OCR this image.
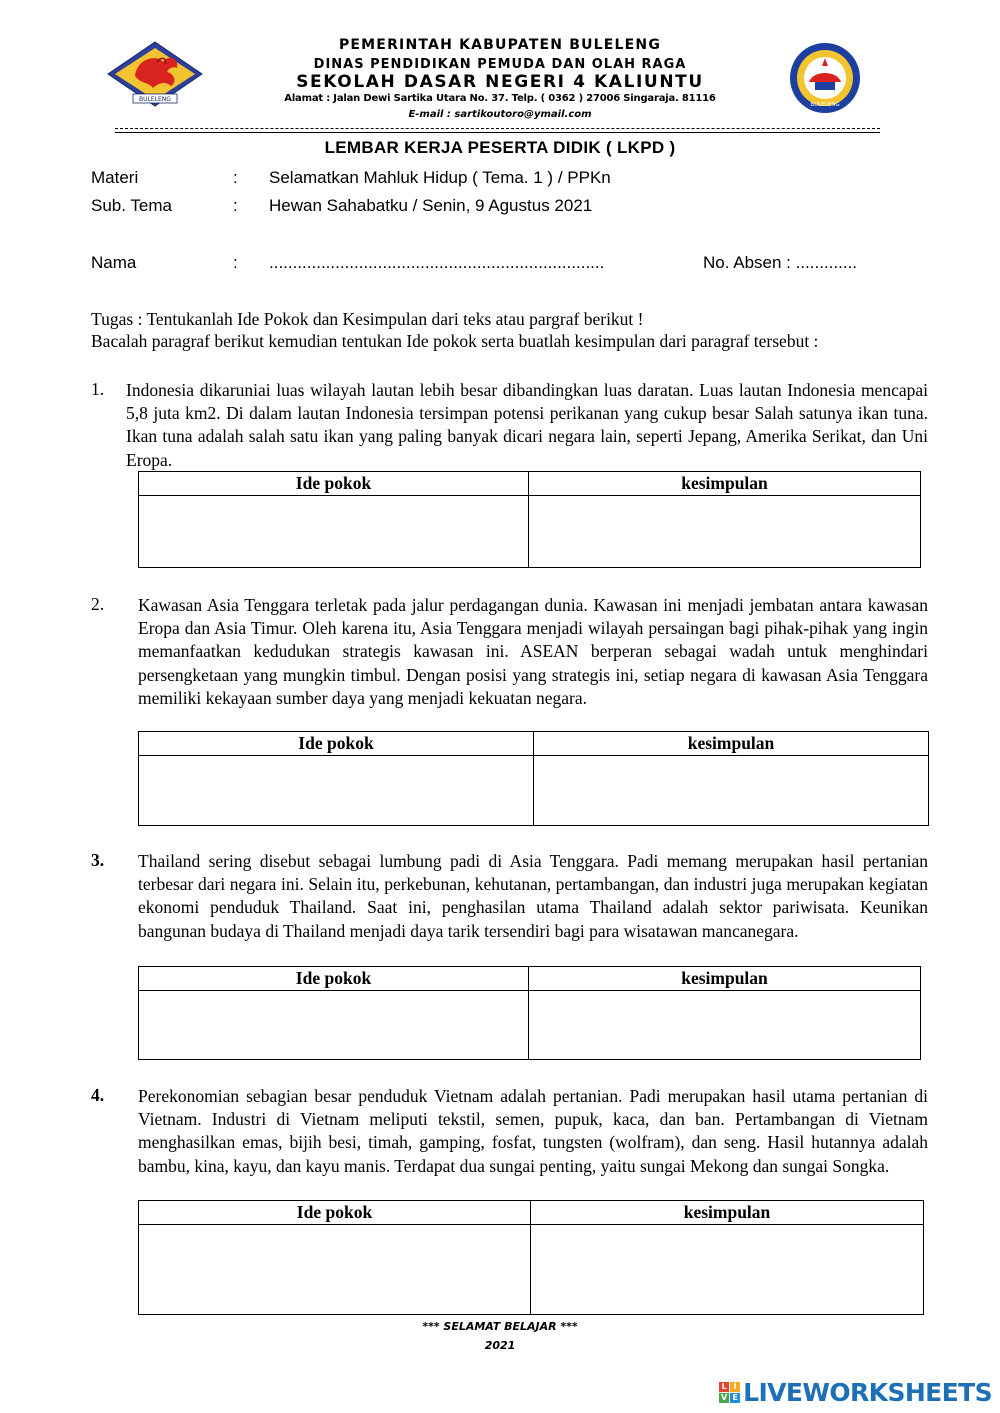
BULELENG
BULELENG
PEMERINTAH KABUPATEN BULELENG
DINAS PENDIDIKAN PEMUDA DAN OLAH RAGA
SEKOLAH DASAR NEGERI 4 KALIUNTU
Alamat : Jalan Dewi Sartika Utara No. 37. Telp. ( 0362 ) 27006 Singaraja. 81116
E-mail : sartikoutoro@ymail.com
LEMBAR KERJA PESERTA DIDIK ( LKPD )
Materi	: Selamatkan Mahluk Hidup ( Tema. 1 ) / PPKn
Sub. Tema	: Hewan Sahabatku / Senin, 9 Agustus 2021
Nama	: .......................................................................	No. Absen : .............
Tugas : Tentukanlah Ide Pokok dan Kesimpulan dari teks atau pargraf berikut !
Bacalah paragraf berikut kemudian tentukan Ide pokok serta buatlah kesimpulan dari paragraf tersebut :
1. Indonesia dikaruniai luas wilayah lautan lebih besar dibandingkan luas daratan. Luas lautan Indonesia mencapai 5,8 juta km2. Di dalam lautan Indonesia tersimpan potensi perikanan yang cukup besar Salah satunya ikan tuna. Ikan tuna adalah salah satu ikan yang paling banyak dicari negara lain, seperti Jepang, Amerika Serikat, dan Uni Eropa.
Ide pokok	kesimpulan

2. Kawasan Asia Tenggara terletak pada jalur perdagangan dunia. Kawasan ini menjadi jembatan antara kawasan Eropa dan Asia Timur. Oleh karena itu, Asia Tenggara menjadi wilayah persaingan bagi pihak-pihak yang ingin memanfaatkan kedudukan strategis kawasan ini. ASEAN berperan sebagai wadah untuk menghindari persengketaan yang mungkin timbul. Dengan posisi yang strategis ini, setiap negara di kawasan Asia Tenggara memiliki kekayaan sumber daya yang menjadi kekuatan negara.
Ide pokok	kesimpulan

3. Thailand sering disebut sebagai lumbung padi di Asia Tenggara. Padi memang merupakan hasil pertanian terbesar dari negara ini. Selain itu, perkebunan, kehutanan, pertambangan, dan industri juga merupakan kegiatan ekonomi penduduk Thailand. Saat ini, penghasilan utama Thailand adalah sektor pariwisata. Keunikan bangunan budaya di Thailand menjadi daya tarik tersendiri bagi para wisatawan mancanegara.
Ide pokok	kesimpulan

4. Perekonomian sebagian besar penduduk Vietnam adalah pertanian. Padi merupakan hasil utama pertanian di Vietnam. Industri di Vietnam meliputi tekstil, semen, pupuk, kaca, dan ban. Pertambangan di Vietnam menghasilkan emas, bijih besi, timah, gamping, fosfat, tungsten (wolfram), dan seng. Hasil hutannya adalah bambu, kina, kayu, dan kayu manis. Terdapat dua sungai penting, yaitu sungai Mekong dan sungai Songka.
Ide pokok	kesimpulan

*** SELAMAT BELAJAR ***
2021
L I
V E LIVEWORKSHEETS
